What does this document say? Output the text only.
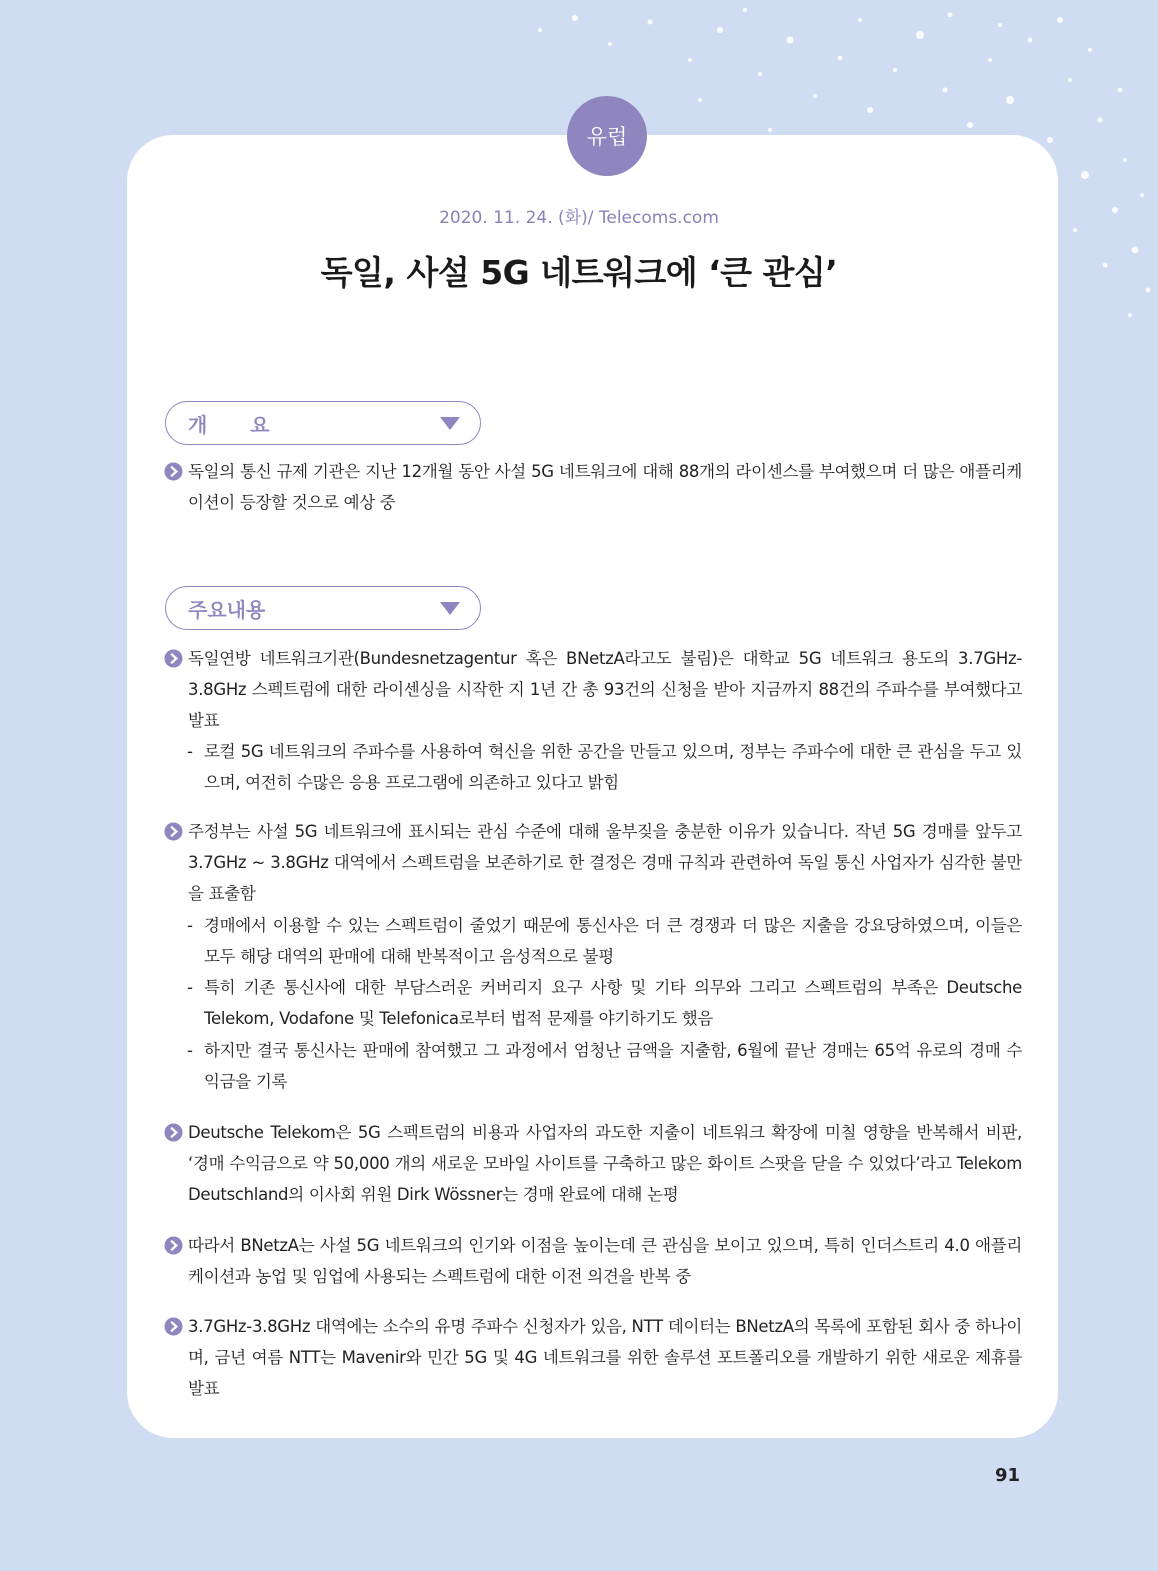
유럽
2020. 11. 24. (화)/ Telecoms.com
독일, 사설 5G 네트워크에 ‘큰 관심’
개 요
독일의 통신 규제 기관은 지난 12개월 동안 사설 5G 네트워크에 대해 88개의 라이센스를 부여했으며 더 많은 애플리케이션이 등장할 것으로 예상 중
주요내용
독일연방 네트워크기관(Bundesnetzagentur 혹은 BNetzA라고도 불림)은 대학교 5G 네트워크 용도의 3.7GHz-3.8GHz 스펙트럼에 대한 라이센싱을 시작한 지 1년 간 총 93건의 신청을 받아 지금까지 88건의 주파수를 부여했다고 발표
- 로컬 5G 네트워크의 주파수를 사용하여 혁신을 위한 공간을 만들고 있으며, 정부는 주파수에 대한 큰 관심을 두고 있으며, 여전히 수많은 응용 프로그램에 의존하고 있다고 밝힘
주정부는 사설 5G 네트워크에 표시되는 관심 수준에 대해 울부짖을 충분한 이유가 있습니다. 작년 5G 경매를 앞두고 3.7GHz ~ 3.8GHz 대역에서 스펙트럼을 보존하기로 한 결정은 경매 규칙과 관련하여 독일 통신 사업자가 심각한 불만을 표출함
- 경매에서 이용할 수 있는 스펙트럼이 줄었기 때문에 통신사은 더 큰 경쟁과 더 많은 지출을 강요당하였으며, 이들은 모두 해당 대역의 판매에 대해 반복적이고 음성적으로 불평
- 특히 기존 통신사에 대한 부담스러운 커버리지 요구 사항 및 기타 의무와 그리고 스펙트럼의 부족은 Deutsche Telekom, Vodafone 및 Telefonica로부터 법적 문제를 야기하기도 했음
- 하지만 결국 통신사는 판매에 참여했고 그 과정에서 엄청난 금액을 지출함, 6월에 끝난 경매는 65억 유로의 경매 수익금을 기록
Deutsche Telekom은 5G 스펙트럼의 비용과 사업자의 과도한 지출이 네트워크 확장에 미칠 영향을 반복해서 비판, ‘경매 수익금으로 약 50,000 개의 새로운 모바일 사이트를 구축하고 많은 화이트 스팟을 닫을 수 있었다’라고 Telekom Deutschland의 이사회 위원 Dirk Wössner는 경매 완료에 대해 논평
따라서 BNetzA는 사설 5G 네트워크의 인기와 이점을 높이는데 큰 관심을 보이고 있으며, 특히 인더스트리 4.0 애플리케이션과 농업 및 임업에 사용되는 스펙트럼에 대한 이전 의견을 반복 중
3.7GHz-3.8GHz 대역에는 소수의 유명 주파수 신청자가 있음, NTT 데이터는 BNetzA의 목록에 포함된 회사 중 하나이며, 금년 여름 NTT는 Mavenir와 민간 5G 및 4G 네트워크를 위한 솔루션 포트폴리오를 개발하기 위한 새로운 제휴를 발표
91
